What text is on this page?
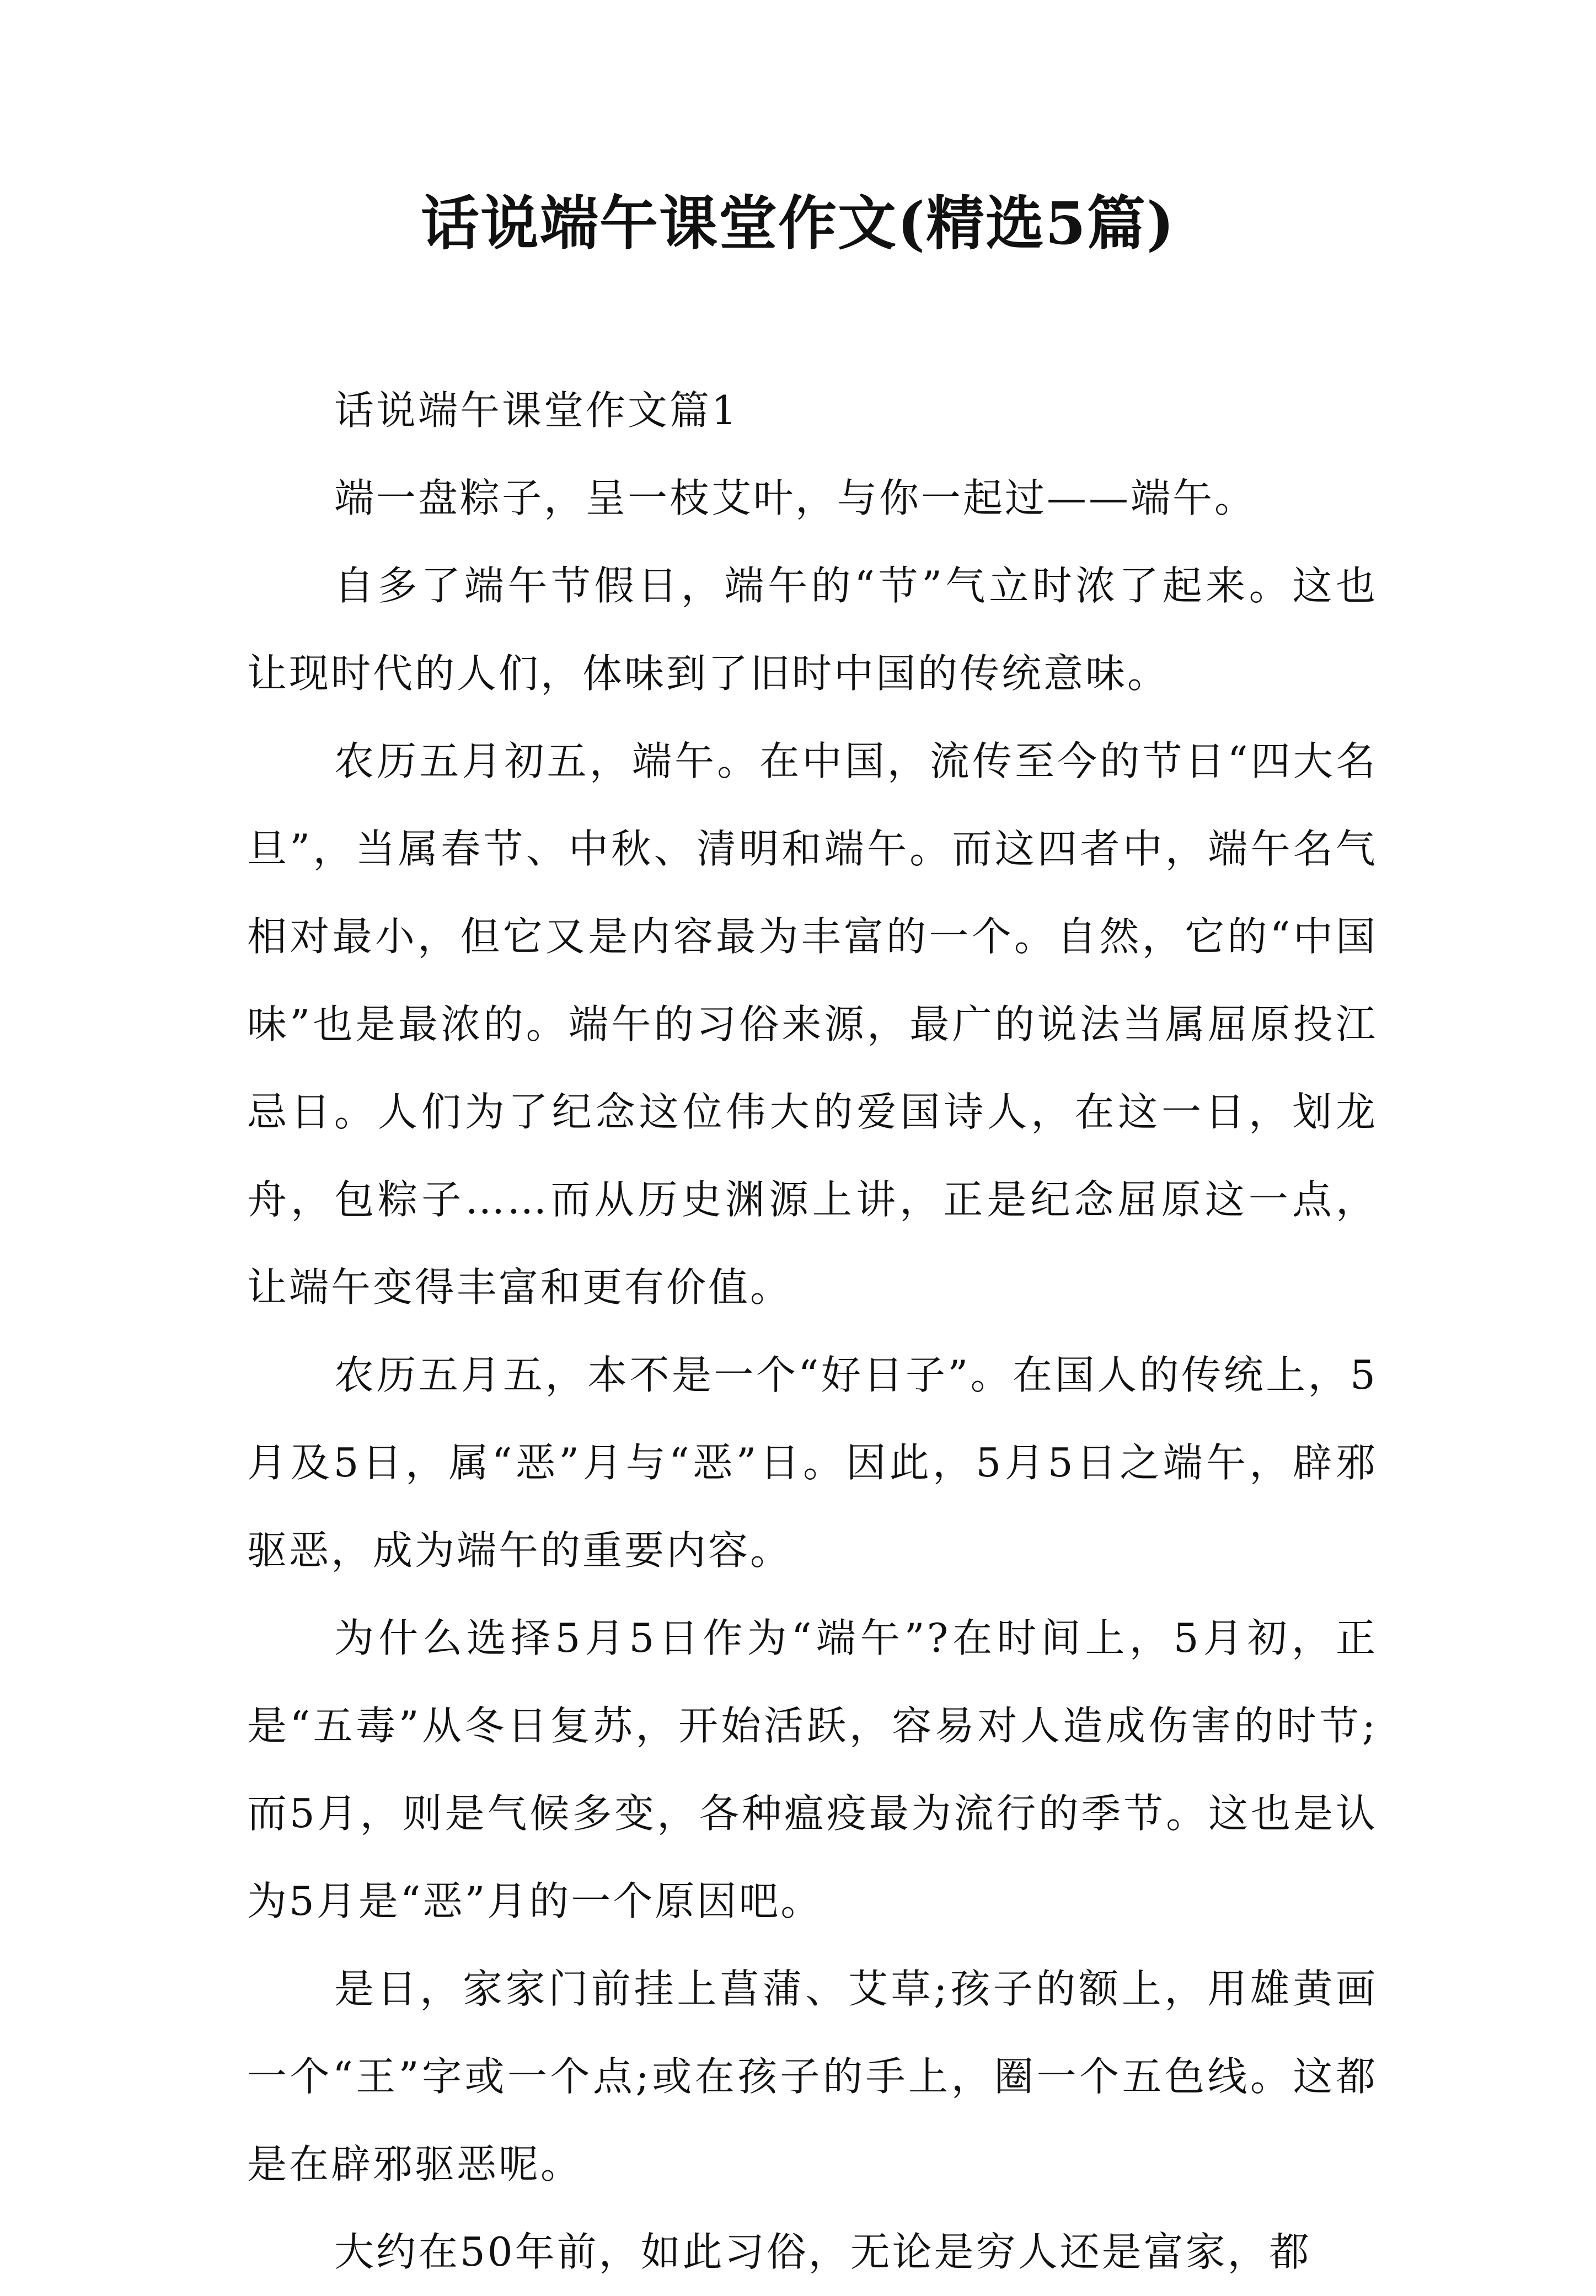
话说端午课堂作文(精选5篇)

话说端午课堂作文篇1

端一盘粽子，呈一枝艾叶，与你一起过——端午。

自多了端午节假日，端午的“节”气立时浓了起来。这也让现时代的人们，体味到了旧时中国的传统意味。

农历五月初五，端午。在中国，流传至今的节日“四大名旦”，当属春节、中秋、清明和端午。而这四者中，端午名气相对最小，但它又是内容最为丰富的一个。自然，它的“中国味”也是最浓的。端午的习俗来源，最广的说法当属屈原投江忌日。人们为了纪念这位伟大的爱国诗人，在这一日，划龙舟，包粽子……而从历史渊源上讲，正是纪念屈原这一点，让端午变得丰富和更有价值。

农历五月五，本不是一个“好日子”。在国人的传统上，5月及5日，属“恶”月与“恶”日。因此，5月5日之端午，辟邪驱恶，成为端午的重要内容。

为什么选择5月5日作为“端午”?在时间上，5月初，正是“五毒”从冬日复苏，开始活跃，容易对人造成伤害的时节;而5月，则是气候多变，各种瘟疫最为流行的季节。这也是认为5月是“恶”月的一个原因吧。

是日，家家门前挂上菖蒲、艾草;孩子的额上，用雄黄画一个“王”字或一个点;或在孩子的手上，圈一个五色线。这都是在辟邪驱恶呢。

大约在50年前，如此习俗，无论是穷人还是富家，都
